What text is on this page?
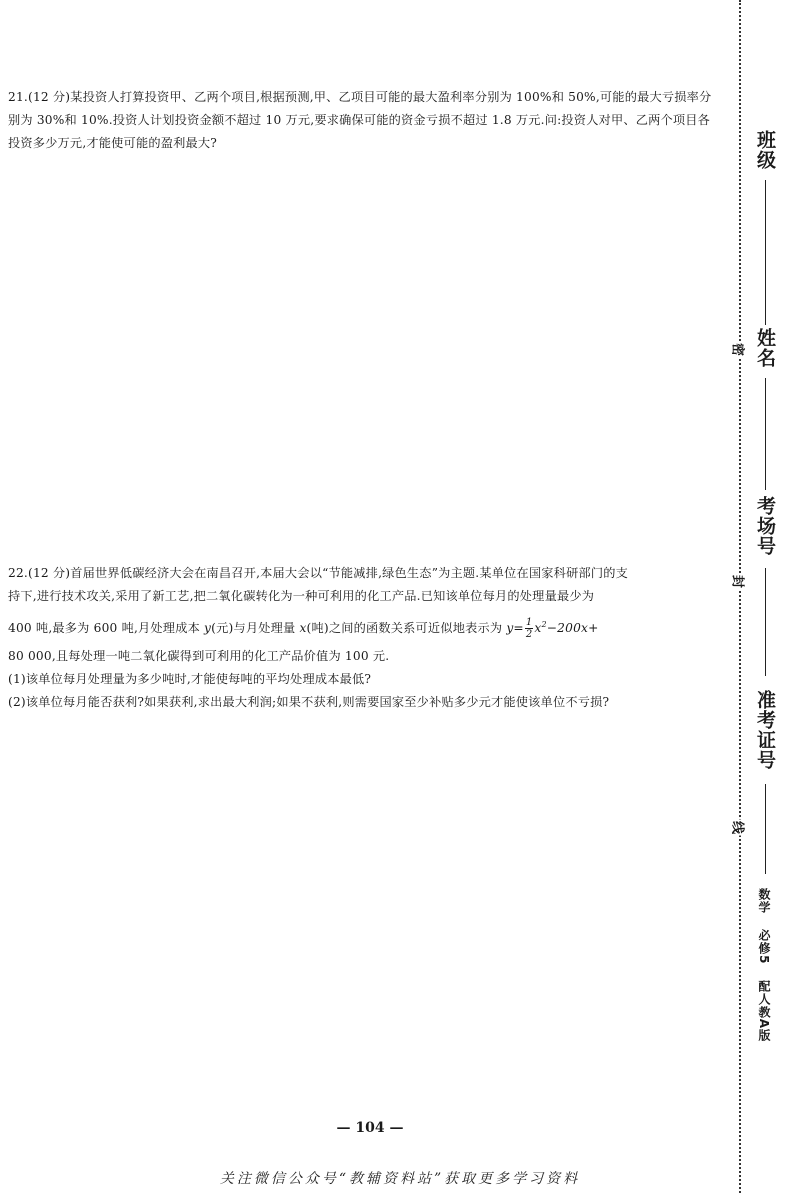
21.(12 分)某投资人打算投资甲、乙两个项目,根据预测,甲、乙项目可能的最大盈利率分别为 100%和 50%,可能的最大亏损率分别为 30%和 10%.投资人计划投资金额不超过 10 万元,要求确保可能的资金亏损不超过 1.8 万元.问:投资人对甲、乙两个项目各投资多少万元,才能使可能的盈利最大?
22.(12 分)首届世界低碳经济大会在南昌召开,本届大会以“节能减排,绿色生态”为主题.某单位在国家科研部门的支
持下,进行技术攻关,采用了新工艺,把二氧化碳转化为一种可利用的化工产品.已知该单位每月的处理量最少为
400 吨,最多为 600 吨,月处理成本 y(元)与月处理量 x(吨)之间的函数关系可近似地表示为 $y= \frac{1}{2} x^2-200x+$
80 000,且每处理一吨二氧化碳得到可利用的化工产品价值为 100 元.
(1)该单位每月处理量为多少吨时,才能使每吨的平均处理成本最低?
(2)该单位每月能否获利?如果获利,求出最大利润;如果不获利,则需要国家至少补贴多少元才能使该单位不亏损?
密
封
线
班级
姓名
考场号
准考证号
数学 必修5 配人教A版
— 104 —
关注微信公众号“教辅资料站”获取更多学习资料
